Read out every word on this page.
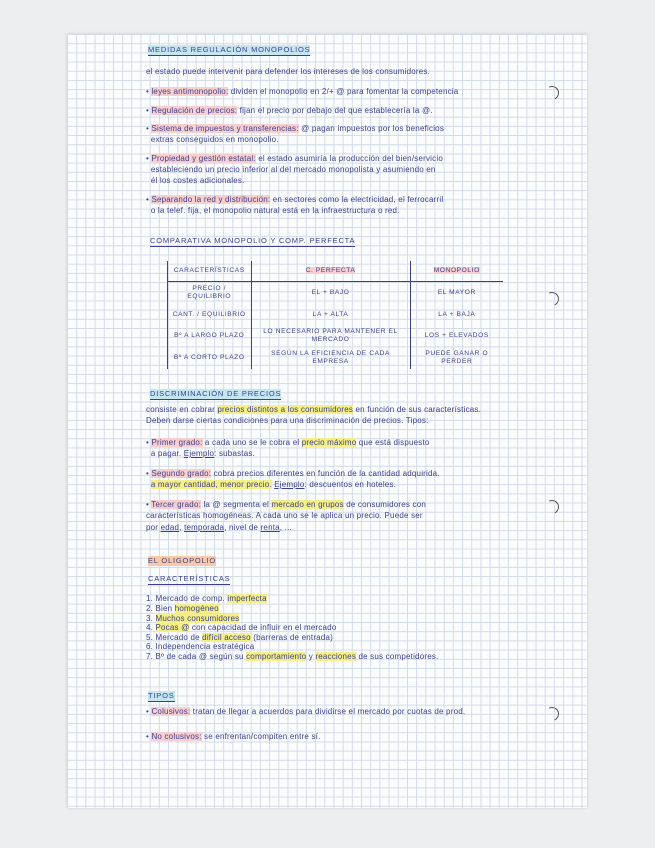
MEDIDAS REGULACIÓN MONOPOLIOS
el estado puede intervenir para defender los intereses de los consumidores.
• leyes antimonopolio: dividen el monopolio en 2/+ @ para fomentar la competencia
• Regulación de precios: fijan el precio por debajo del que establecería la @.
• Sistema de impuestos y transferencias: @ pagan impuestos por los beneficios
extras conseguidos en monopolio.
• Propiedad y gestión estatal: el estado asumiría la producción del bien/servicio
estableciendo un precio inferior al del mercado monopolista y asumiendo en
él los costes adicionales.
• Separando la red y distribución: en sectores como la electricidad, el ferrocarril
o la telef. fija, el monopolio natural está en la infraestructura o red.
COMPARATIVA MONOPOLIO Y COMP. PERFECTA
CARACTERÍSTICAS	C. PERFECTA	MONOPOLIO
PRECIO / EQUILIBRIO	EL + BAJO	EL MAYOR
CANT. / EQUILIBRIO	LA + ALTA	LA + BAJA
Bº A LARGO PLAZO	LO NECESARIO PARA MANTENER EL MERCADO	LOS + ELEVADOS
Bº A CORTO PLAZO	SEGÚN LA EFICIENCIA DE CADA EMPRESA	PUEDE GANAR O PERDER
DISCRIMINACIÓN DE PRECIOS
consiste en cobrar precios distintos a los consumidores en función de sus características.
Deben darse ciertas condiciones para una discriminación de precios. Tipos:
• Primer grado: a cada uno se le cobra el precio máximo que está dispuesto
a pagar. Ejemplo: subastas.
• Segundo grado: cobra precios diferentes en función de la cantidad adquirida.
a mayor cantidad, menor precio. Ejemplo: descuentos en hoteles.
• Tercer grado: la @ segmenta el mercado en grupos de consumidores con
características homogéneas. A cada uno se le aplica un precio. Puede ser
por edad, temporada, nivel de renta, ...
EL OLIGOPOLIO
CARACTERÍSTICAS
1. Mercado de comp. imperfecta
2. Bien homogéneo
3. Muchos consumidores
4. Pocas @ con capacidad de influir en el mercado
5. Mercado de difícil acceso (barreras de entrada)
6. Independencia estratégica
7. Bº de cada @ según su comportamiento y reacciones de sus competidores.
TIPOS
• Colusivos: tratan de llegar a acuerdos para dividirse el mercado por cuotas de prod.
• No colusivos: se enfrentan/compiten entre sí.
